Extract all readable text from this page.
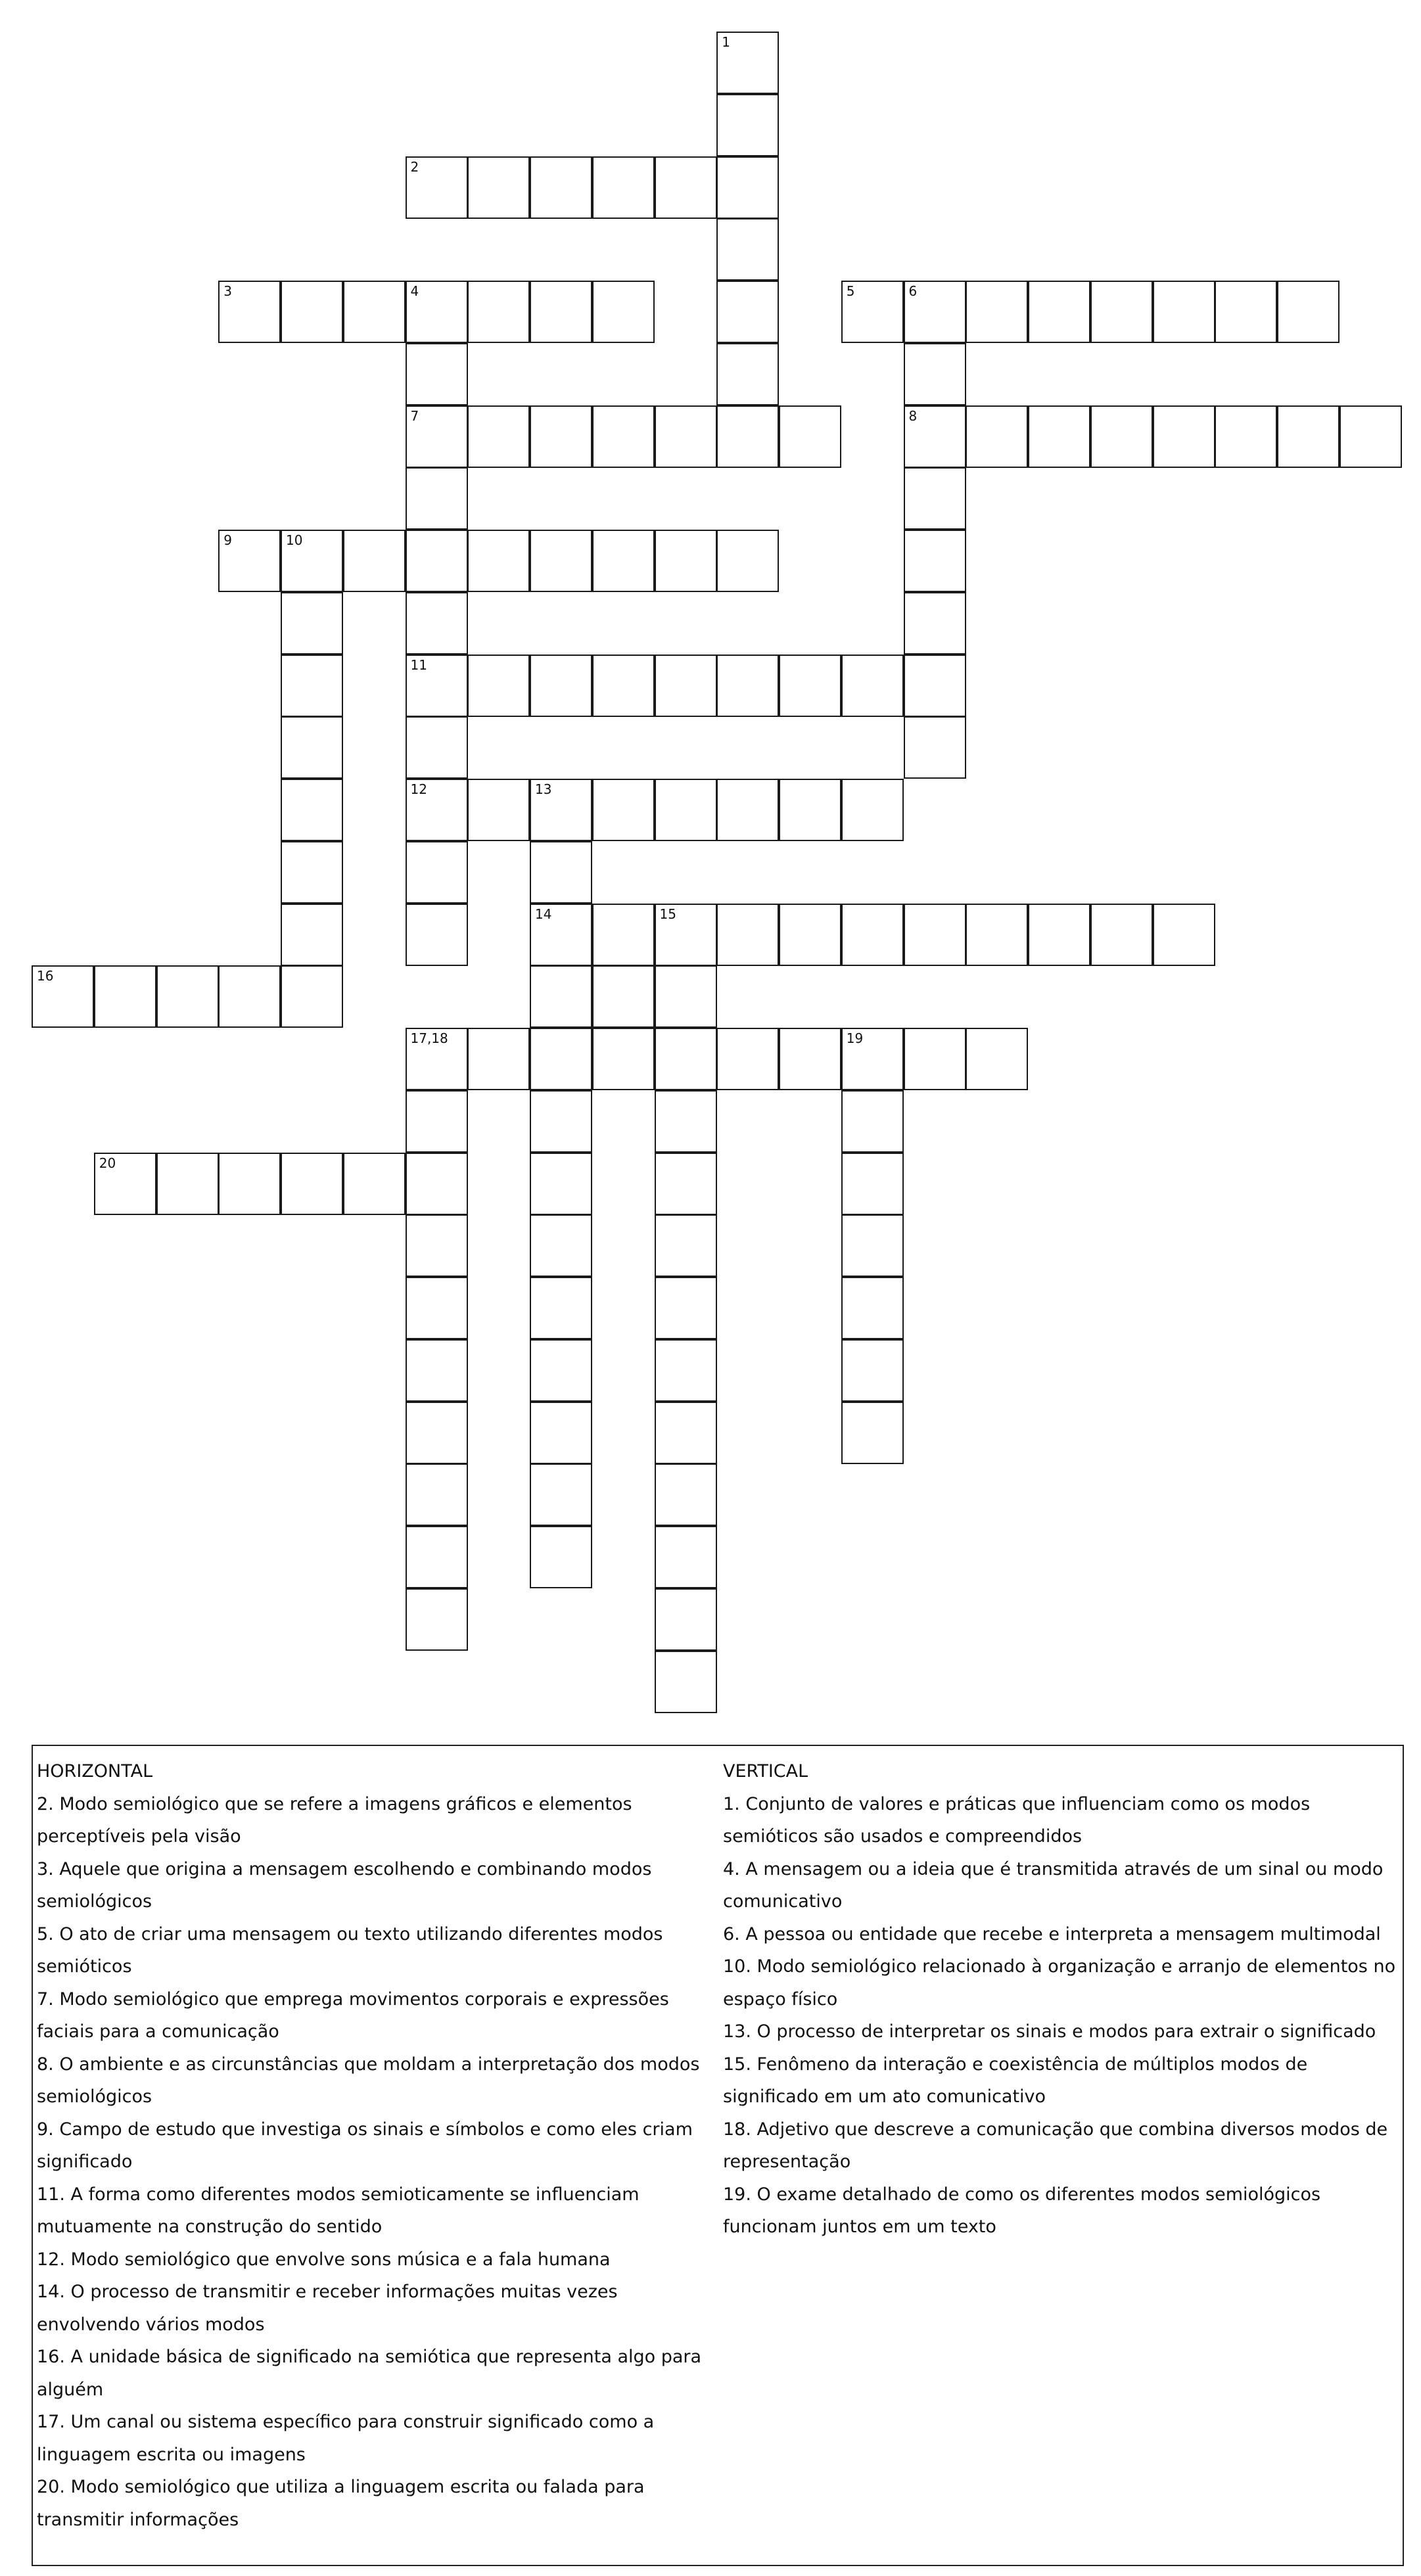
1
2
3	4	5	6
7	8
9	10
11
12	13
14	15
16
17,18	19
20
HORIZONTAL
2. Modo semiológico que se refere a imagens gráficos e elementos
perceptíveis pela visão
3. Aquele que origina a mensagem escolhendo e combinando modos
semiológicos
5. O ato de criar uma mensagem ou texto utilizando diferentes modos
semióticos
7. Modo semiológico que emprega movimentos corporais e expressões
faciais para a comunicação
8. O ambiente e as circunstâncias que moldam a interpretação dos modos
semiológicos
9. Campo de estudo que investiga os sinais e símbolos e como eles criam
significado
11. A forma como diferentes modos semioticamente se influenciam
mutuamente na construção do sentido
12. Modo semiológico que envolve sons música e a fala humana
14. O processo de transmitir e receber informações muitas vezes
envolvendo vários modos
16. A unidade básica de significado na semiótica que representa algo para
alguém
17. Um canal ou sistema específico para construir significado como a
linguagem escrita ou imagens
20. Modo semiológico que utiliza a linguagem escrita ou falada para
transmitir informações
VERTICAL
1. Conjunto de valores e práticas que influenciam como os modos
semióticos são usados e compreendidos
4. A mensagem ou a ideia que é transmitida através de um sinal ou modo
comunicativo
6. A pessoa ou entidade que recebe e interpreta a mensagem multimodal
10. Modo semiológico relacionado à organização e arranjo de elementos no
espaço físico
13. O processo de interpretar os sinais e modos para extrair o significado
15. Fenômeno da interação e coexistência de múltiplos modos de
significado em um ato comunicativo
18. Adjetivo que descreve a comunicação que combina diversos modos de
representação
19. O exame detalhado de como os diferentes modos semiológicos
funcionam juntos em um texto
